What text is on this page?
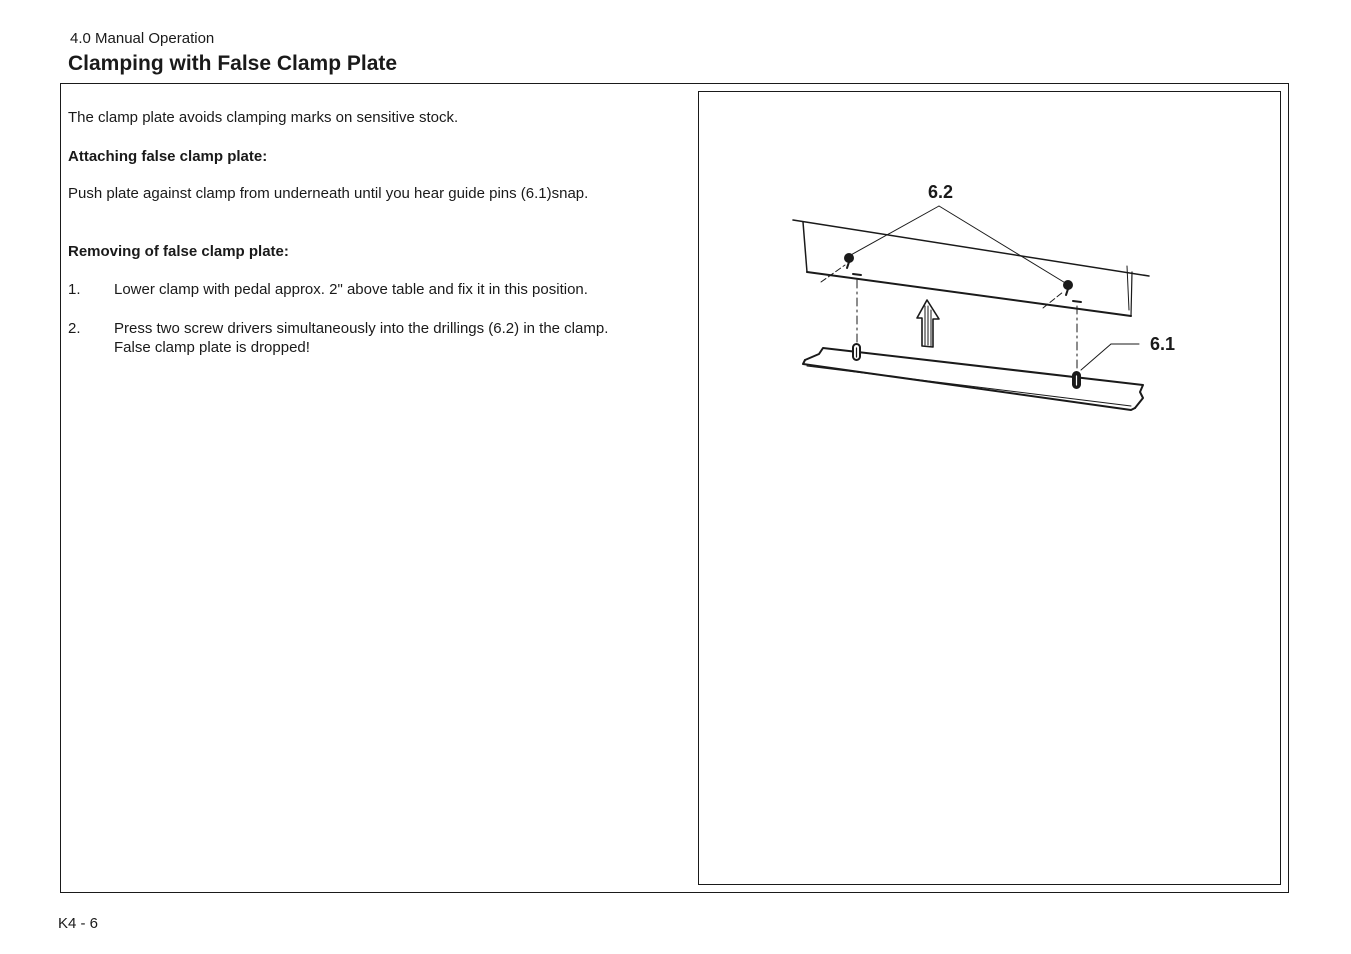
4.0 Manual Operation
Clamping with False Clamp Plate

The clamp plate avoids clamping marks on sensitive stock.

Attaching false clamp plate:

Push plate against clamp from underneath until you hear guide pins (6.1)snap.

Removing of false clamp plate:

1. Lower clamp with pedal approx. 2" above table and fix it in this position.
2. Press two screw drivers simultaneously into the drillings (6.2) in the clamp.
False clamp plate is dropped!
6.2
6.1
K4 - 6
